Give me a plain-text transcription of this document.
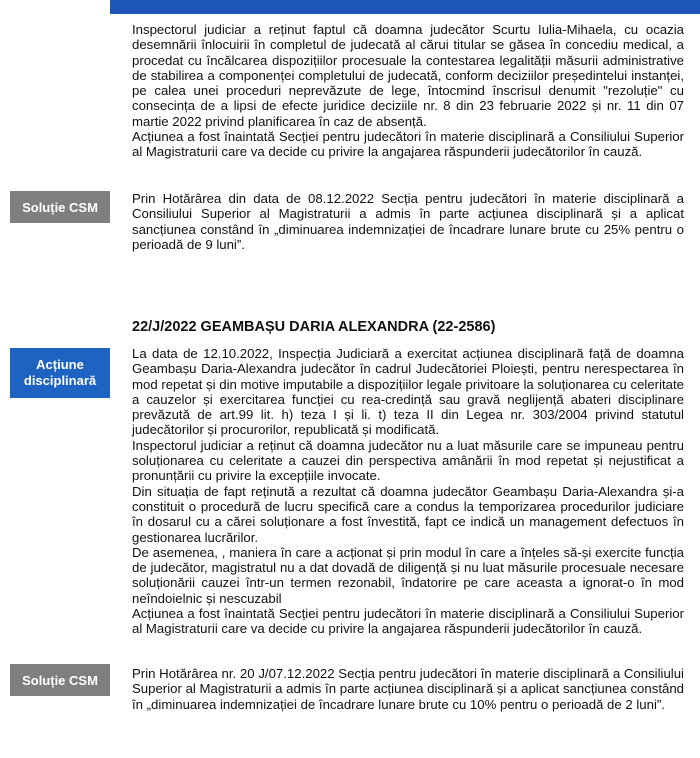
Inspectorul judiciar a reținut faptul că doamna judecător Scurtu Iulia-Mihaela, cu ocazia desemnării înlocuirii în completul de judecată al cărui titular se găsea în concediu medical, a procedat cu încălcarea dispozițiilor procesuale la contestarea legalității măsurii administrative de stabilirea a componenței completului de judecată, conform deciziilor președintelui instanței, pe calea unei proceduri neprevăzute de lege, întocmind înscrisul denumit "rezoluție" cu consecința de a lipsi de efecte juridice deciziile nr. 8 din 23 februarie 2022 și nr. 11 din 07 martie 2022 privind planificarea în caz de absență.

Acțiunea a fost înaintată Secției pentru judecători în materie disciplinară a Consiliului Superior al Magistraturii care va decide cu privire la angajarea răspunderii judecătorilor în cauză.

Soluție CSM
Prin Hotărârea din data de 08.12.2022 Secția pentru judecători în materie disciplinară a Consiliului Superior al Magistraturii a admis în parte acțiunea disciplinară și a aplicat sancțiunea constând în „diminuarea indemnizației de încadrare lunare brute cu 25% pentru o perioadă de 9 luni”.
22/J/2022 GEAMBAȘU DARIA ALEXANDRA (22-2586)
Acțiune disciplinară

La data de 12.10.2022, Inspecția Judiciară a exercitat acțiunea disciplinară față de doamna Geambașu Daria-Alexandra judecător în cadrul Judecătoriei Ploiești, pentru nerespectarea în mod repetat și din motive imputabile a dispozițiilor legale privitoare la soluționarea cu celeritate a cauzelor și exercitarea funcției cu rea-credință sau gravă neglijență abateri disciplinare prevăzută de art.99 lit. h) teza I și li. t) teza II din Legea nr. 303/2004 privind statutul judecătorilor și procurorilor, republicată și modificată.

Inspectorul judiciar a reținut că doamna judecător nu a luat măsurile care se impuneau pentru soluționarea cu celeritate a cauzei din perspectiva amânării în mod repetat și nejustificat a pronunțării cu privire la excepțiile invocate.

Din situația de fapt reținută a rezultat că doamna judecător Geambașu Daria-Alexandra și-a constituit o procedură de lucru specifică care a condus la temporizarea procedurilor judiciare în dosarul cu a cărei soluționare a fost învestită, fapt ce indică un management defectuos în gestionarea lucrărilor.

De asemenea, , maniera în care a acționat și prin modul în care a înțeles să-și exercite funcția de judecător, magistratul nu a dat dovadă de diligență și nu luat măsurile procesuale necesare soluționării cauzei într-un termen rezonabil, îndatorire pe care aceasta a ignorat-o în mod neîndoielnic și nescuzabil

Acțiunea a fost înaintată Secției pentru judecători în materie disciplinară a Consiliului Superior al Magistraturii care va decide cu privire la angajarea răspunderii judecătorilor în cauză.

Soluție CSM	Prin Hotărârea nr. 20 J/07.12.2022 Secția pentru judecători în materie disciplinară a Consiliului Superior al Magistraturii a admis în parte acțiunea disciplinară și a aplicat sancțiunea constând în „diminuarea indemnizației de încadrare lunare brute cu 10% pentru o perioadă de 2 luni”.
